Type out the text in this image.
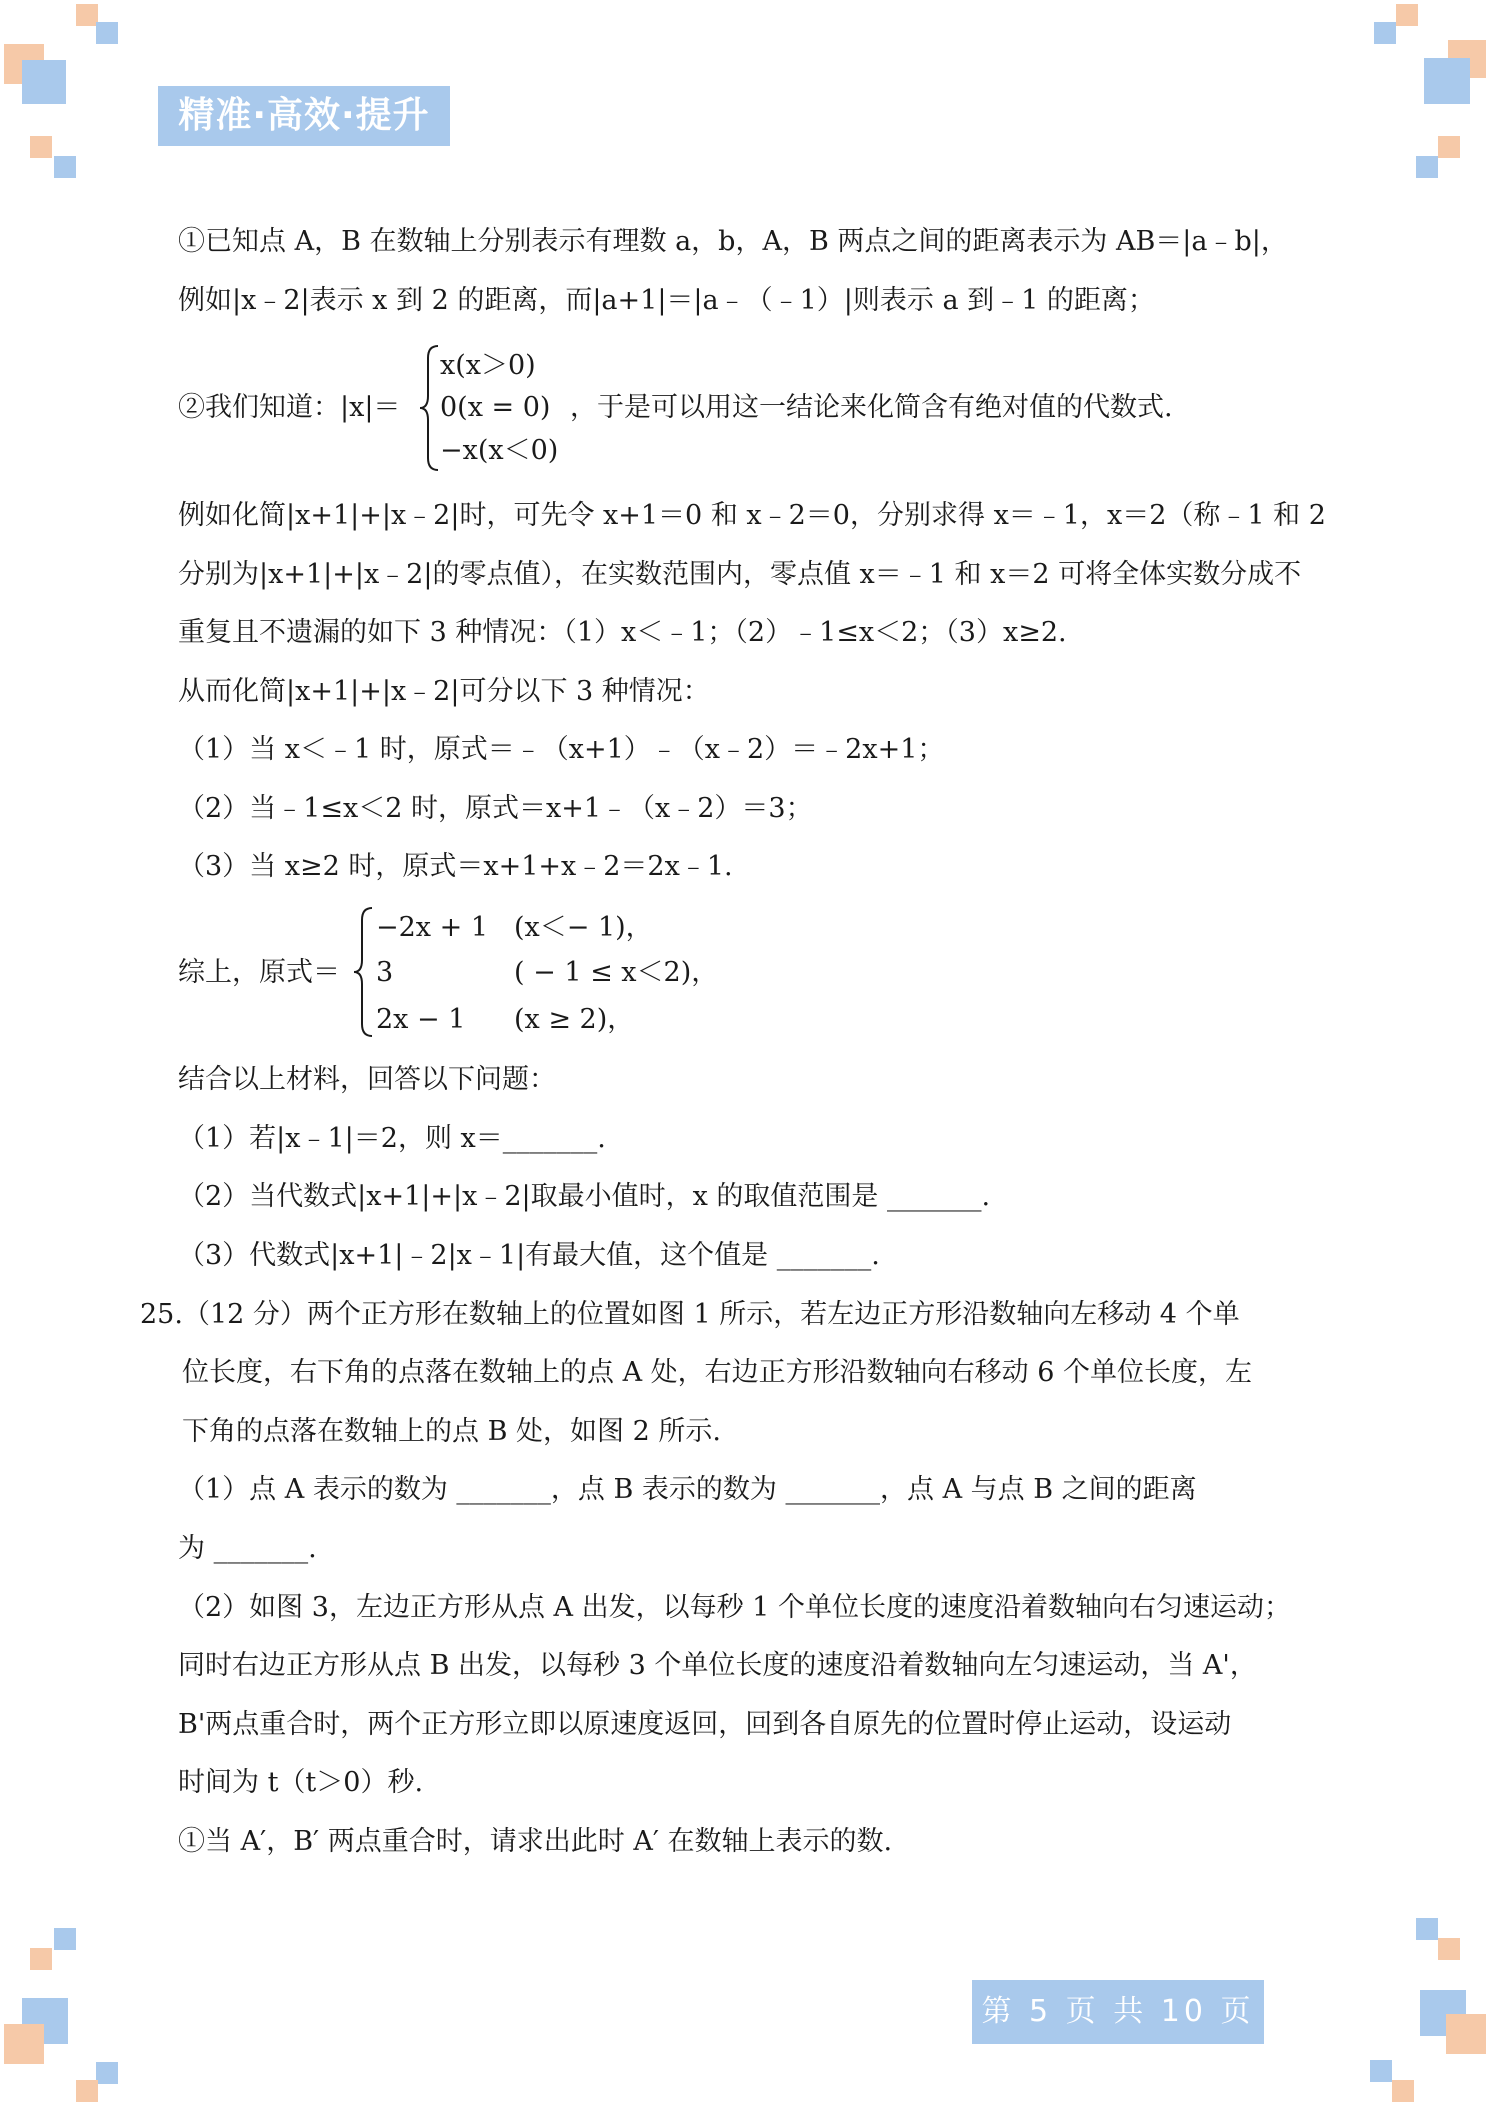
精准·高效·提升
①已知点 A，B 在数轴上分别表示有理数 a，b，A，B 两点之间的距离表示为 AB＝|a﹣b|，
例如|x﹣2|表示 x 到 2 的距离，而|a+1|＝|a﹣（﹣1）|则表示 a 到﹣1 的距离；
②我们知道：|x|＝
x(x＞0)
0(x = 0)
−x(x＜0)
，于是可以用这一结论来化简含有绝对值的代数式.
例如化简|x+1|+|x﹣2|时，可先令 x+1＝0 和 x﹣2＝0，分别求得 x＝﹣1，x＝2（称﹣1 和 2
分别为|x+1|+|x﹣2|的零点值），在实数范围内，零点值 x＝﹣1 和 x＝2 可将全体实数分成不
重复且不遗漏的如下 3 种情况：（1）x＜﹣1；（2）﹣1≤x＜2；（3）x≥2.
从而化简|x+1|+|x﹣2|可分以下 3 种情况：
（1）当 x＜﹣1 时，原式＝﹣（x+1）﹣（x﹣2）＝﹣2x+1；
（2）当﹣1≤x＜2 时，原式＝x+1﹣（x﹣2）＝3；
（3）当 x≥2 时，原式＝x+1+x﹣2＝2x﹣1.
综上，原式＝
−2x + 1
3
2x − 1
(x＜− 1)，
( − 1 ≤ x＜2)，
(x ≥ 2)，
结合以上材料，回答以下问题：
（1）若|x﹣1|＝2，则 x＝_______.
（2）当代数式|x+1|+|x﹣2|取最小值时，x 的取值范围是 _______.
（3）代数式|x+1|﹣2|x﹣1|有最大值，这个值是 _______.
25.（12 分）两个正方形在数轴上的位置如图 1 所示，若左边正方形沿数轴向左移动 4 个单
位长度，右下角的点落在数轴上的点 A 处，右边正方形沿数轴向右移动 6 个单位长度，左
下角的点落在数轴上的点 B 处，如图 2 所示.
（1）点 A 表示的数为 _______，点 B 表示的数为 _______，点 A 与点 B 之间的距离
为 _______.
（2）如图 3，左边正方形从点 A 出发，以每秒 1 个单位长度的速度沿着数轴向右匀速运动；
同时右边正方形从点 B 出发，以每秒 3 个单位长度的速度沿着数轴向左匀速运动，当 A'，
B'两点重合时，两个正方形立即以原速度返回，回到各自原先的位置时停止运动，设运动
时间为 t（t＞0）秒.
①当 A′，B′ 两点重合时，请求出此时 A′ 在数轴上表示的数.
第 5 页 共 10 页
